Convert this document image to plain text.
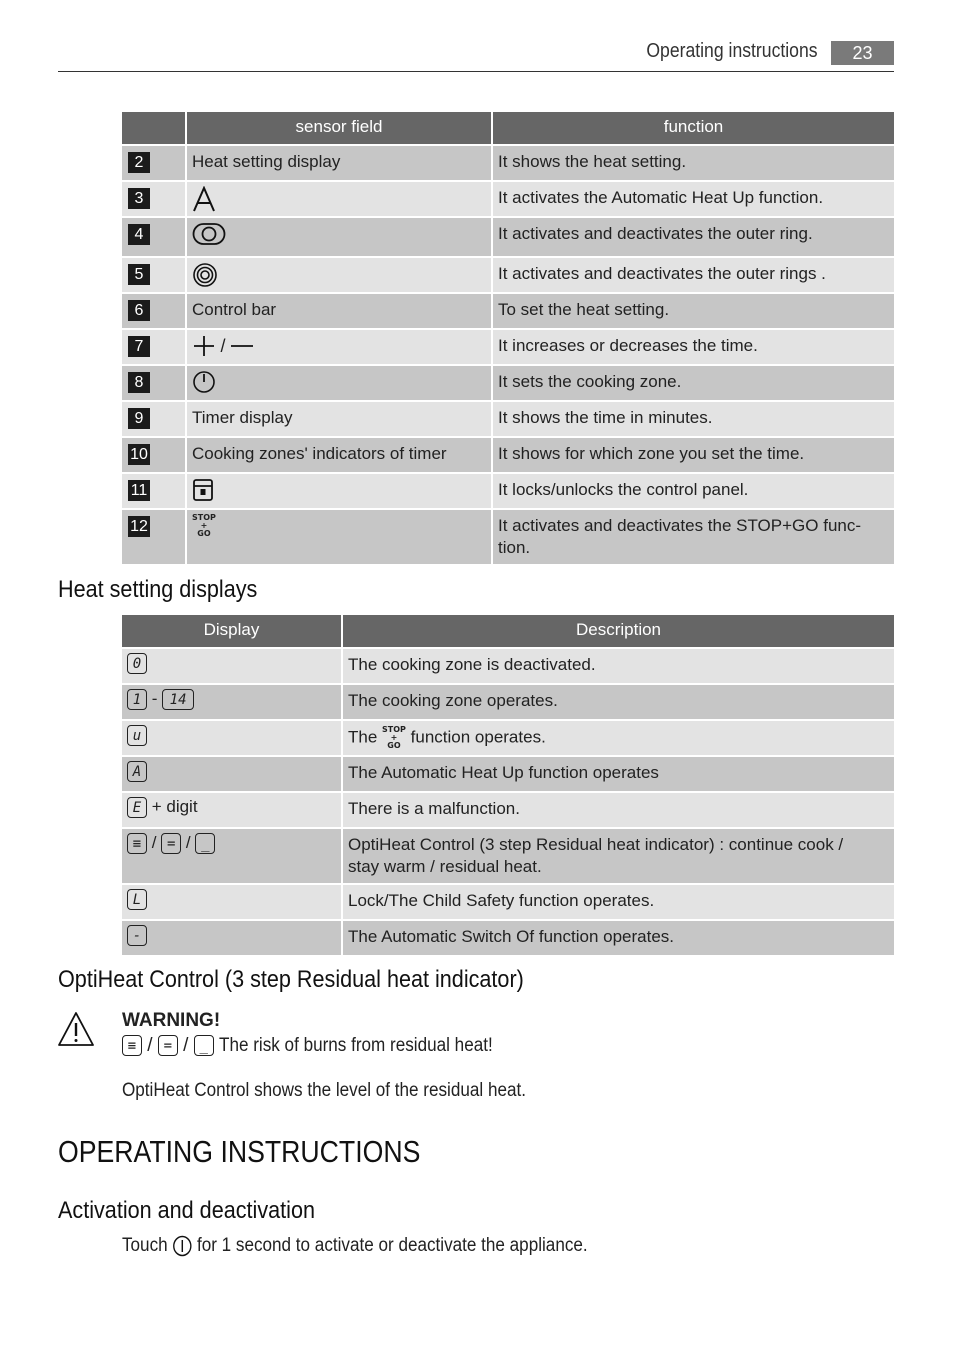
Operating instructions	23
	sensor field	function
2	Heat setting display	It shows the heat setting.

3		It activates the Automatic Heat Up function.

4		It activates and deactivates the outer ring.

5		It activates and deactivates the outer rings .

6	Control bar	To set the heat setting.

7	/	It increases or decreases the time.

8		It sets the cooking zone.

9	Timer display	It shows the time in minutes.

10	Cooking zones' indicators of timer	It shows for which zone you set the time.

11		It locks/unlocks the control panel.

12	STOP
+
GO	It activates and deactivates the STOP+GO func-
tion.
Heat setting displays
Display	Description
0	The cooking zone is deactivated.

1 - 14	The cooking zone operates.

u	The STOP
+
GO function operates.

A	The Automatic Heat Up function operates

E + digit	There is a malfunction.

≡ / = / _	OptiHeat Control (3 step Residual heat indicator) : continue cook /
stay warm / residual heat.

L	Lock/The Child Safety function operates.

-	The Automatic Switch Of function operates.
OptiHeat Control (3 step Residual heat indicator)
WARNING!
≡ / = / _ The risk of burns from residual heat!
OptiHeat Control shows the level of the residual heat.
OPERATING INSTRUCTIONS
Activation and deactivation
Touch for 1 second to activate or deactivate the appliance.
